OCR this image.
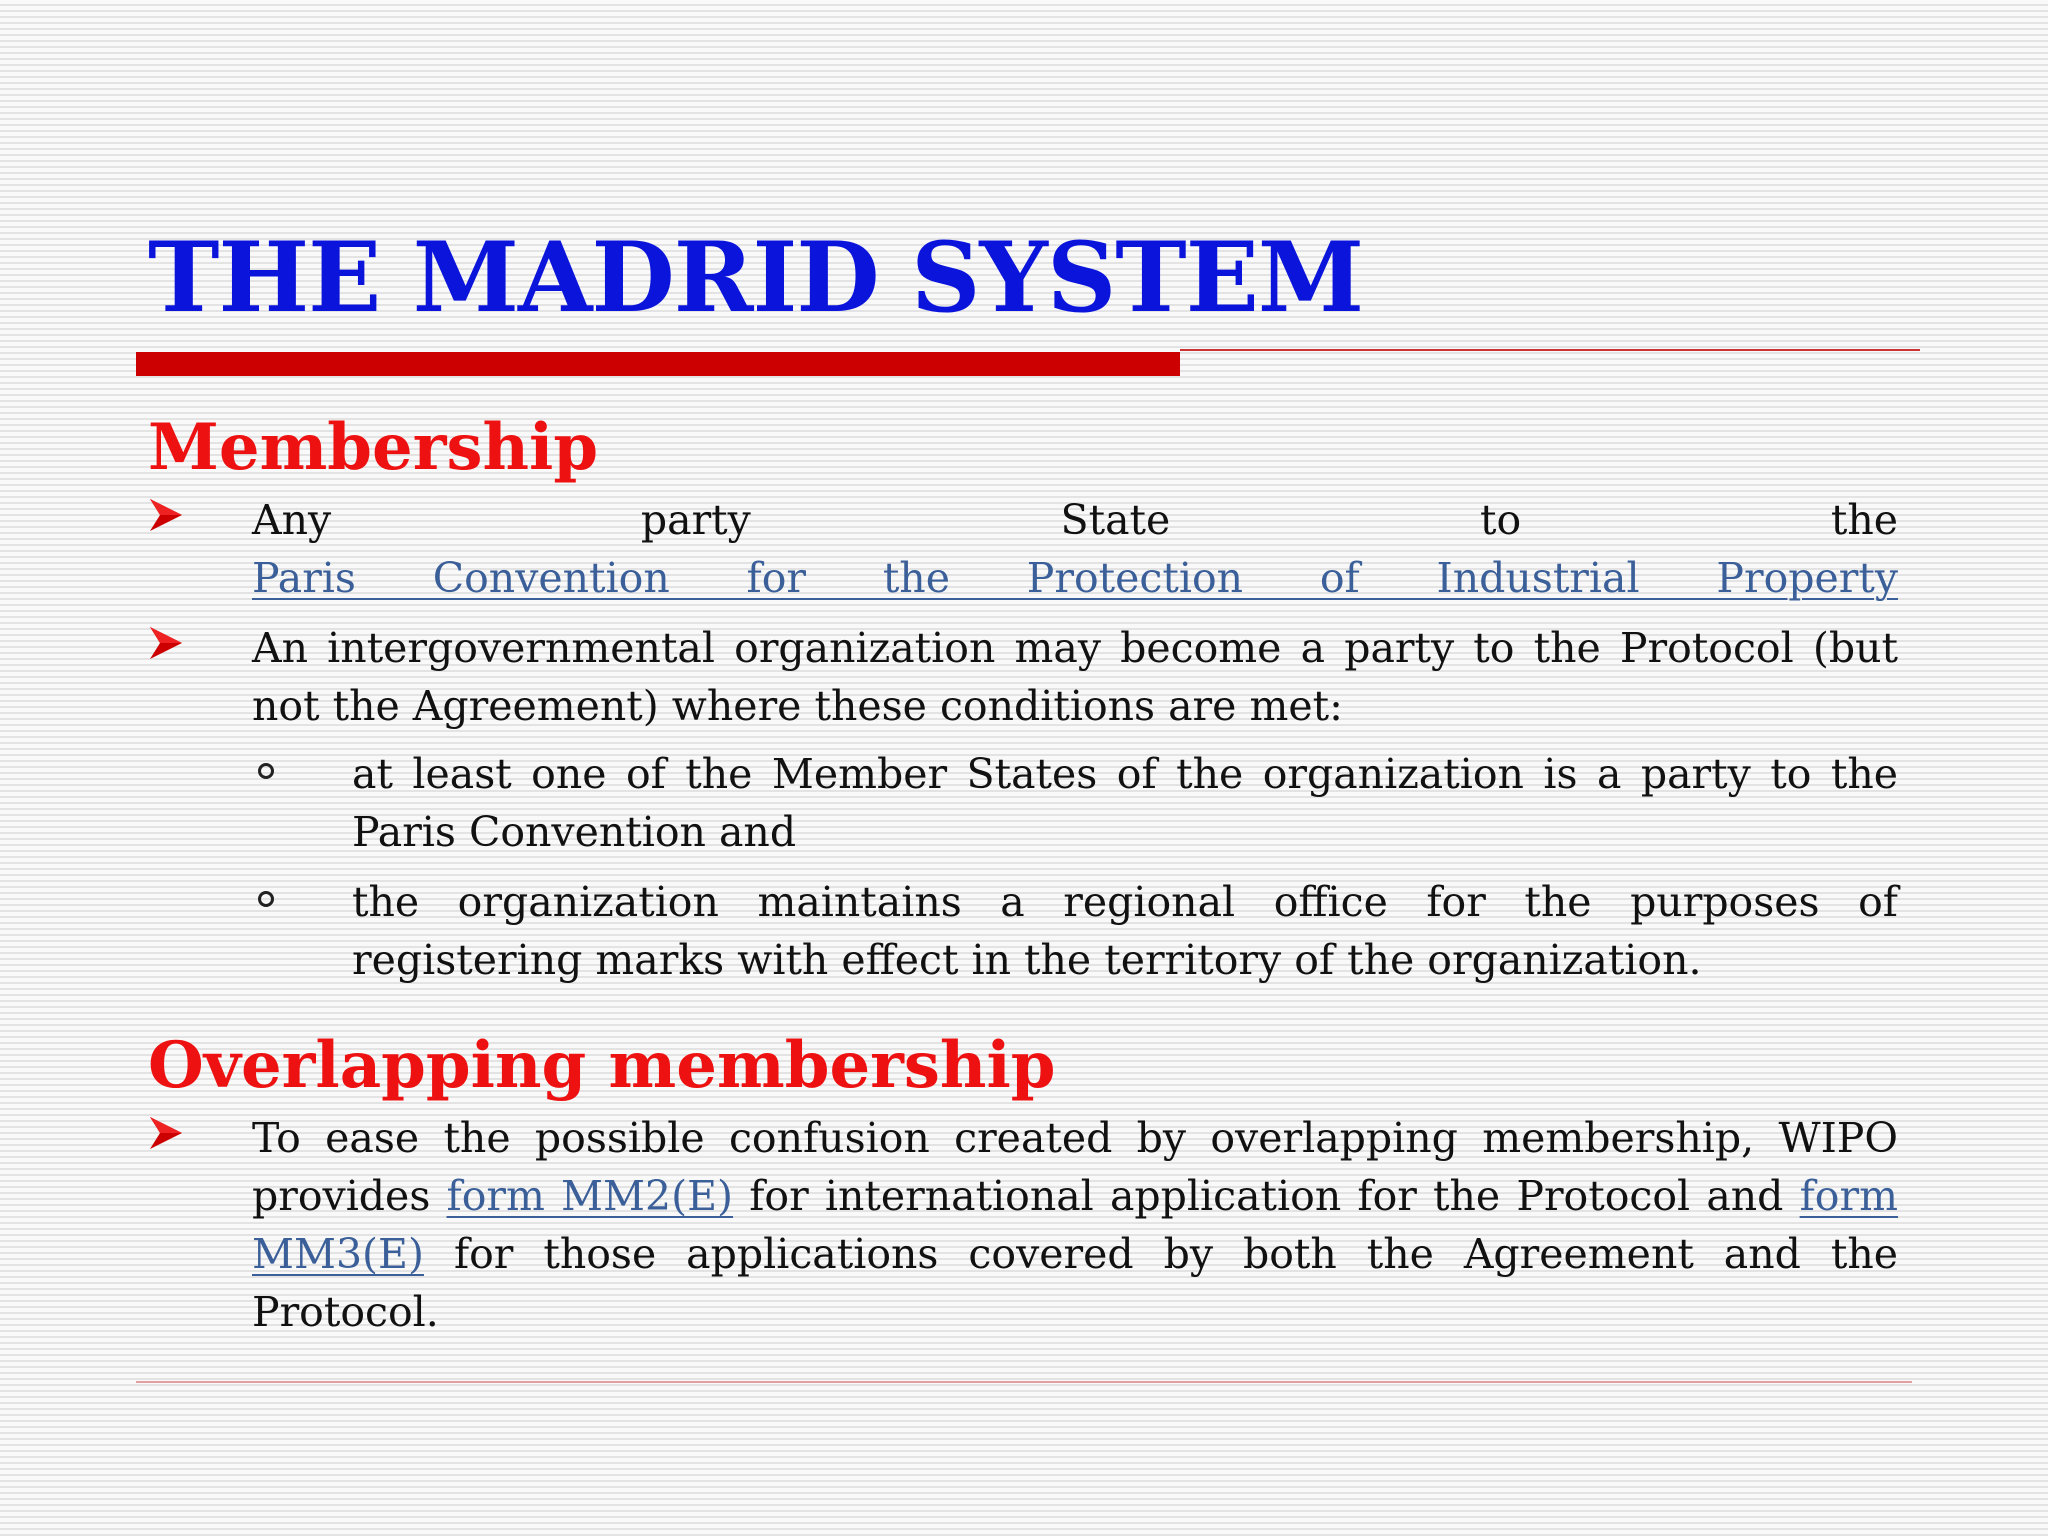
THE MADRID SYSTEM
Membership
Any party State to the
Paris Convention for the Protection of Industrial Property
An intergovernmental organization may become a party to the Protocol (but not the Agreement) where these conditions are met:
at least one of the Member States of the organization is a party to the Paris Convention and
the organization maintains a regional office for the purposes of registering marks with effect in the territory of the organization.
Overlapping membership
To ease the possible confusion created by overlapping membership, WIPO provides form MM2(E) for international application for the Protocol and form MM3(E) for those applications covered by both the Agreement and the Protocol.
